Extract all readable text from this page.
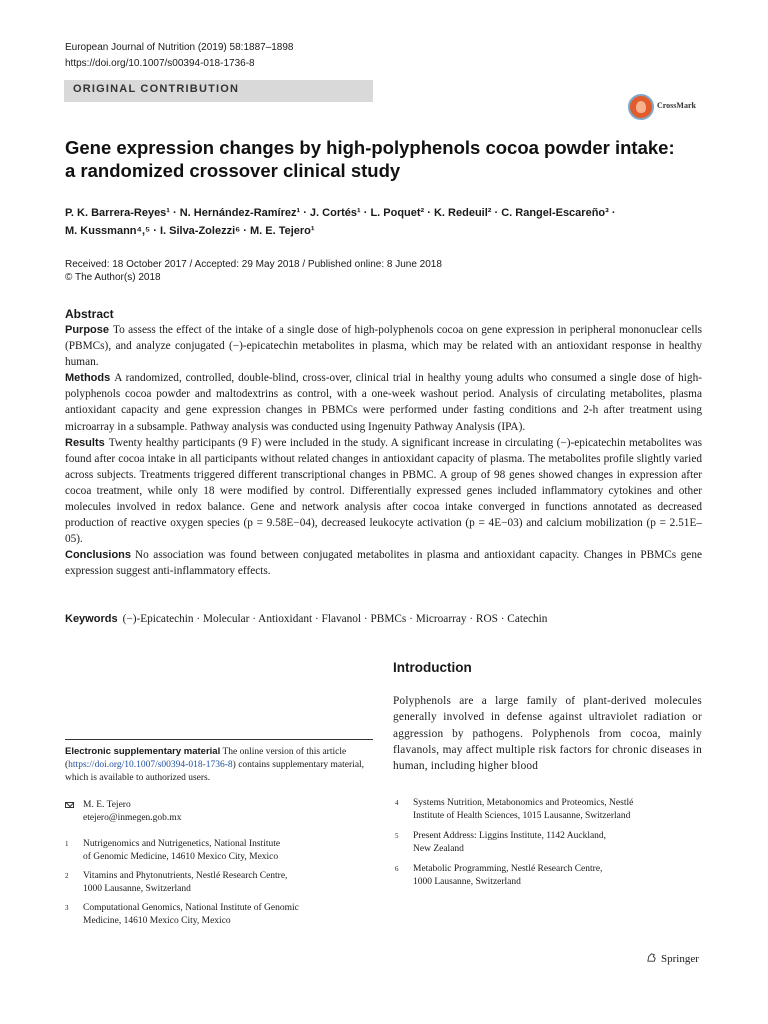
European Journal of Nutrition (2019) 58:1887–1898
https://doi.org/10.1007/s00394-018-1736-8
ORIGINAL CONTRIBUTION
CrossMark
Gene expression changes by high-polyphenols cocoa powder intake:
a randomized crossover clinical study
P. K. Barrera-Reyes¹ · N. Hernández-Ramírez¹ · J. Cortés¹ · L. Poquet² · K. Redeuil² · C. Rangel-Escareño³ ·
M. Kussmann⁴,⁵ · I. Silva-Zolezzi⁶ · M. E. Tejero¹
Received: 18 October 2017 / Accepted: 29 May 2018 / Published online: 8 June 2018
© The Author(s) 2018
Abstract

Purpose To assess the effect of the intake of a single dose of high-polyphenols cocoa on gene expression in peripheral mononuclear cells (PBMCs), and analyze conjugated (−)-epicatechin metabolites in plasma, which may be related with an antioxidant response in healthy human.

Methods A randomized, controlled, double-blind, cross-over, clinical trial in healthy young adults who consumed a single dose of high-polyphenols cocoa powder and maltodextrins as control, with a one-week washout period. Analysis of circulating metabolites, plasma antioxidant capacity and gene expression changes in PBMCs were performed under fasting conditions and 2-h after treatment using microarray in a subsample. Pathway analysis was conducted using Ingenuity Pathway Analysis (IPA).

Results Twenty healthy participants (9 F) were included in the study. A significant increase in circulating (−)-epicatechin metabolites was found after cocoa intake in all participants without related changes in antioxidant capacity of plasma. The metabolites profile slightly varied across subjects. Treatments triggered different transcriptional changes in PBMC. A group of 98 genes showed changes in expression after cocoa treatment, while only 18 were modified by control. Differentially expressed genes included inflammatory cytokines and other molecules involved in redox balance. Gene and network analysis after cocoa intake converged in functions annotated as decreased production of reactive oxygen species (p = 9.58E−04), decreased leukocyte activation (p = 4E−03) and calcium mobilization (p = 2.51E–05).

Conclusions No association was found between conjugated metabolites in plasma and antioxidant capacity. Changes in PBMCs gene expression suggest anti-inflammatory effects.

Keywords (−)-Epicatechin · Molecular · Antioxidant · Flavanol · PBMCs · Microarray · ROS · Catechin
Introduction
Polyphenols are a large family of plant-derived molecules generally involved in defense against ultraviolet radiation or aggression by pathogens. Polyphenols from cocoa, mainly flavanols, may affect multiple risk factors for chronic diseases in human, including higher blood
Electronic supplementary material The online version of this article (https://doi.org/10.1007/s00394-018-1736-8) contains supplementary material, which is available to authorized users.
M. E. Tejero
etejero@inmegen.gob.mx
1 Nutrigenomics and Nutrigenetics, National Institute
of Genomic Medicine, 14610 Mexico City, Mexico
2 Vitamins and Phytonutrients, Nestlé Research Centre,
1000 Lausanne, Switzerland
3 Computational Genomics, National Institute of Genomic
Medicine, 14610 Mexico City, Mexico
4 Systems Nutrition, Metabonomics and Proteomics, Nestlé
Institute of Health Sciences, 1015 Lausanne, Switzerland
5 Present Address: Liggins Institute, 1142 Auckland,
New Zealand
6 Metabolic Programming, Nestlé Research Centre,
1000 Lausanne, Switzerland
Springer
